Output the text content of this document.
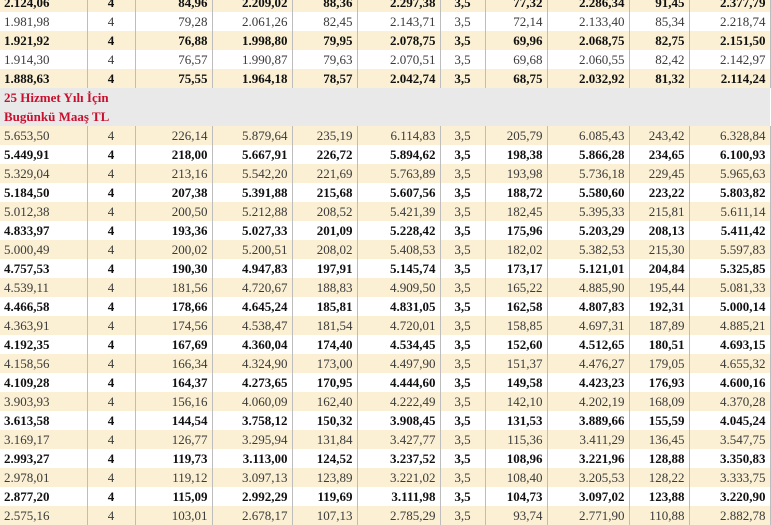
2.124,06	4	84,96	2.209,02	88,36	2.297,38	3,5	77,32	2.286,34	91,45	2.377,79
1.981,98	4	79,28	2.061,26	82,45	2.143,71	3,5	72,14	2.133,40	85,34	2.218,74
1.921,92	4	76,88	1.998,80	79,95	2.078,75	3,5	69,96	2.068,75	82,75	2.151,50
1.914,30	4	76,57	1.990,87	79,63	2.070,51	3,5	69,68	2.060,55	82,42	2.142,97
1.888,63	4	75,55	1.964,18	78,57	2.042,74	3,5	68,75	2.032,92	81,32	2.114,24
25 Hizmet Yılı İçin										
Bugünkü Maaş TL										
5.653,50	4	226,14	5.879,64	235,19	6.114,83	3,5	205,79	6.085,43	243,42	6.328,84
5.449,91	4	218,00	5.667,91	226,72	5.894,62	3,5	198,38	5.866,28	234,65	6.100,93
5.329,04	4	213,16	5.542,20	221,69	5.763,89	3,5	193,98	5.736,18	229,45	5.965,63
5.184,50	4	207,38	5.391,88	215,68	5.607,56	3,5	188,72	5.580,60	223,22	5.803,82
5.012,38	4	200,50	5.212,88	208,52	5.421,39	3,5	182,45	5.395,33	215,81	5.611,14
4.833,97	4	193,36	5.027,33	201,09	5.228,42	3,5	175,96	5.203,29	208,13	5.411,42
5.000,49	4	200,02	5.200,51	208,02	5.408,53	3,5	182,02	5.382,53	215,30	5.597,83
4.757,53	4	190,30	4.947,83	197,91	5.145,74	3,5	173,17	5.121,01	204,84	5.325,85
4.539,11	4	181,56	4.720,67	188,83	4.909,50	3,5	165,22	4.885,90	195,44	5.081,33
4.466,58	4	178,66	4.645,24	185,81	4.831,05	3,5	162,58	4.807,83	192,31	5.000,14
4.363,91	4	174,56	4.538,47	181,54	4.720,01	3,5	158,85	4.697,31	187,89	4.885,21
4.192,35	4	167,69	4.360,04	174,40	4.534,45	3,5	152,60	4.512,65	180,51	4.693,15
4.158,56	4	166,34	4.324,90	173,00	4.497,90	3,5	151,37	4.476,27	179,05	4.655,32
4.109,28	4	164,37	4.273,65	170,95	4.444,60	3,5	149,58	4.423,23	176,93	4.600,16
3.903,93	4	156,16	4.060,09	162,40	4.222,49	3,5	142,10	4.202,19	168,09	4.370,28
3.613,58	4	144,54	3.758,12	150,32	3.908,45	3,5	131,53	3.889,66	155,59	4.045,24
3.169,17	4	126,77	3.295,94	131,84	3.427,77	3,5	115,36	3.411,29	136,45	3.547,75
2.993,27	4	119,73	3.113,00	124,52	3.237,52	3,5	108,96	3.221,96	128,88	3.350,83
2.978,01	4	119,12	3.097,13	123,89	3.221,02	3,5	108,40	3.205,53	128,22	3.333,75
2.877,20	4	115,09	2.992,29	119,69	3.111,98	3,5	104,73	3.097,02	123,88	3.220,90
2.575,16	4	103,01	2.678,17	107,13	2.785,29	3,5	93,74	2.771,90	110,88	2.882,78
